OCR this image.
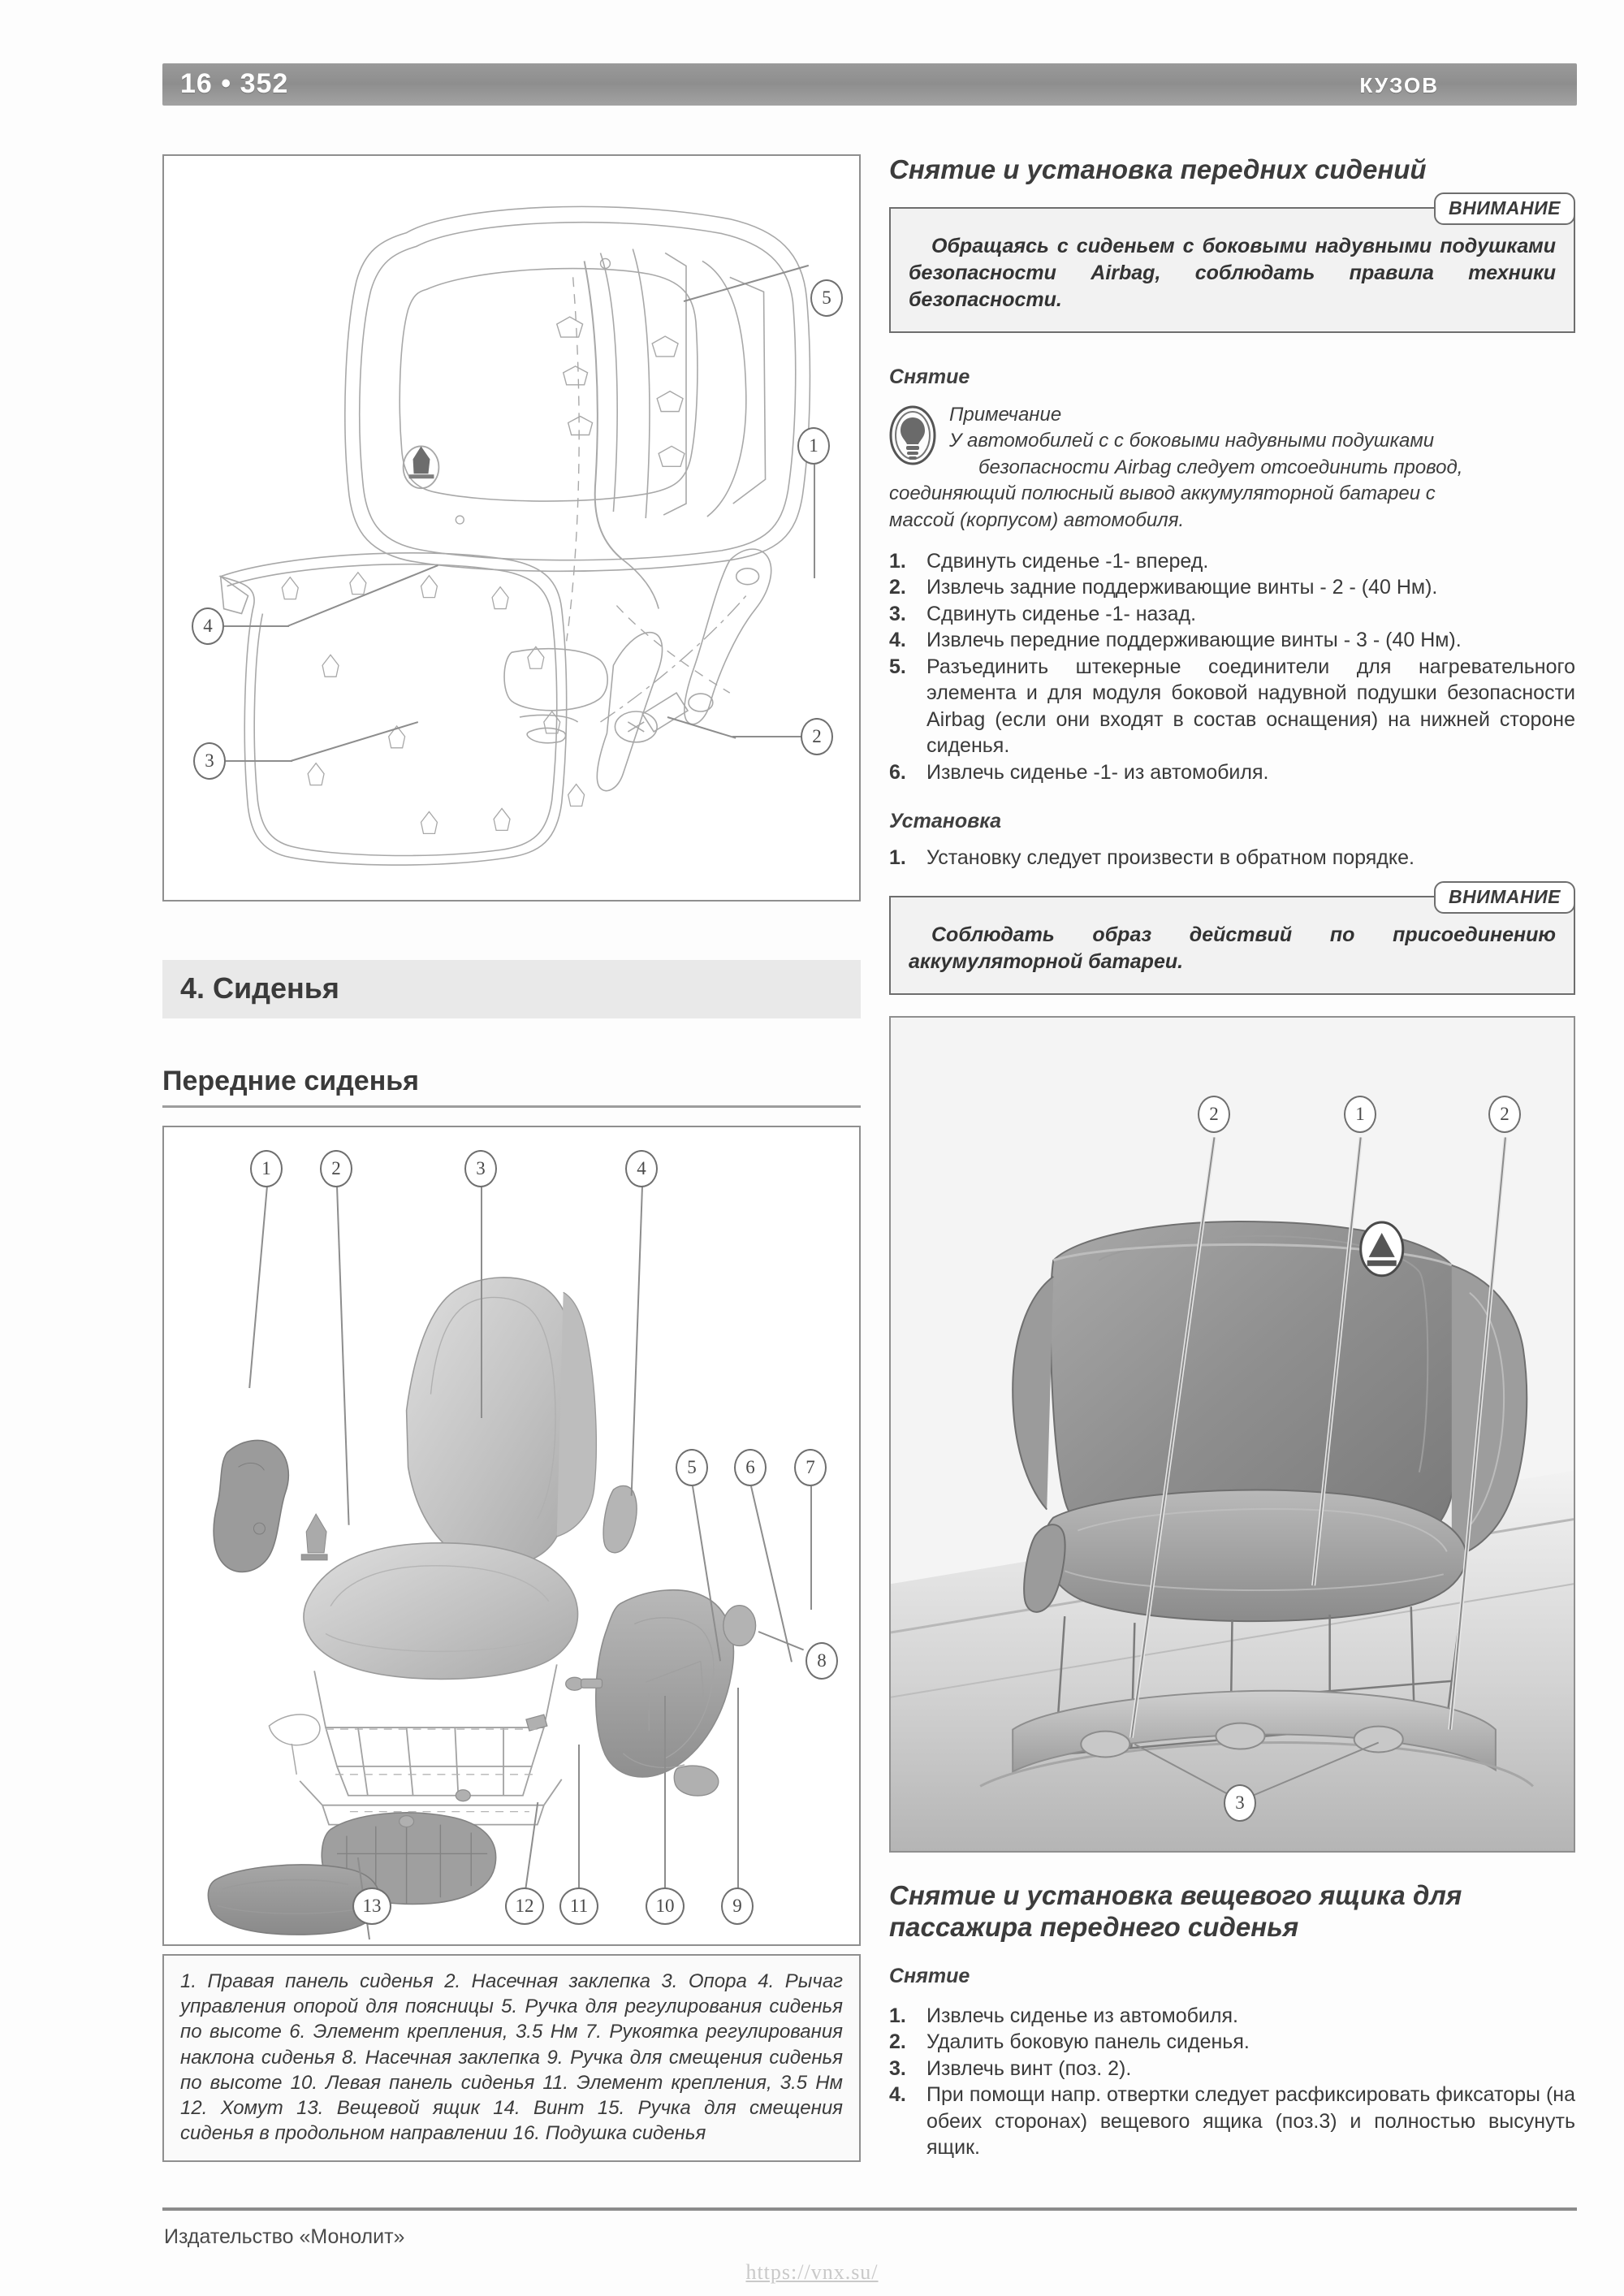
16 • 352	КУЗОВ
5
1
4
3
2
4. Сиденья
Передние сиденья
1	2	3	4
5	6	7
8
13	12	11	10	9

1. Правая панель сиденья 2. Насечная заклепка 3. Опора 4. Рычаг управления опорой для поясницы 5. Ручка для регулирования сиденья по высоте 6. Элемент крепления, 3.5 Нм 7. Рукоятка регулирования наклона сиденья 8. Насечная заклепка 9. Ручка для смещения сиденья по высоте 10. Левая панель сиденья 11. Элемент крепления, 3.5 Нм 12. Хомут 13. Вещевой ящик 14. Винт 15. Ручка для смещения сиденья в продольном направлении 16. Подушка сиденья

Снятие и установка передних сидений
ВНИМАНИЕ
Обращаясь с сиденьем с боковыми надувными подушками безопасности Airbag, соблюдать правила техники безопасности.
Снятие
Примечание
У автомобилей с с боковыми надувными подушками
безопасности Airbag следует отсоединить провод,
соединяющий полюсный вывод аккумуляторной батареи с
массой (корпусом) автомобиля.
1.	Сдвинуть сиденье -1- вперед.
2.	Извлечь задние поддерживающие винты - 2 - (40 Нм).
3.	Сдвинуть сиденье -1- назад.
4.	Извлечь передние поддерживающие винты - 3 - (40 Нм).
5.	Разъединить штекерные соединители для нагревательного элемента и для модуля боковой надувной подушки безопасности Airbag (если они входят в состав оснащения) на нижней стороне сиденья.
6.	Извлечь сиденье -1- из автомобиля.
Установка
1.	Установку следует произвести в обратном порядке.
ВНИМАНИЕ
Соблюдать образ действий по присоединению аккумуляторной батареи.
2	1	2
3
Снятие и установка вещевого ящика для пассажира переднего сиденья
Снятие
1.	Извлечь сиденье из автомобиля.
2.	Удалить боковую панель сиденья.
3.	Извлечь винт (поз. 2).
4.	При помощи напр. отвертки следует расфиксировать фиксаторы (на обеих сторонах) вещевого ящика (поз.3) и полностью высунуть ящик.
Издательство «Монолит»
https://vnx.su/
